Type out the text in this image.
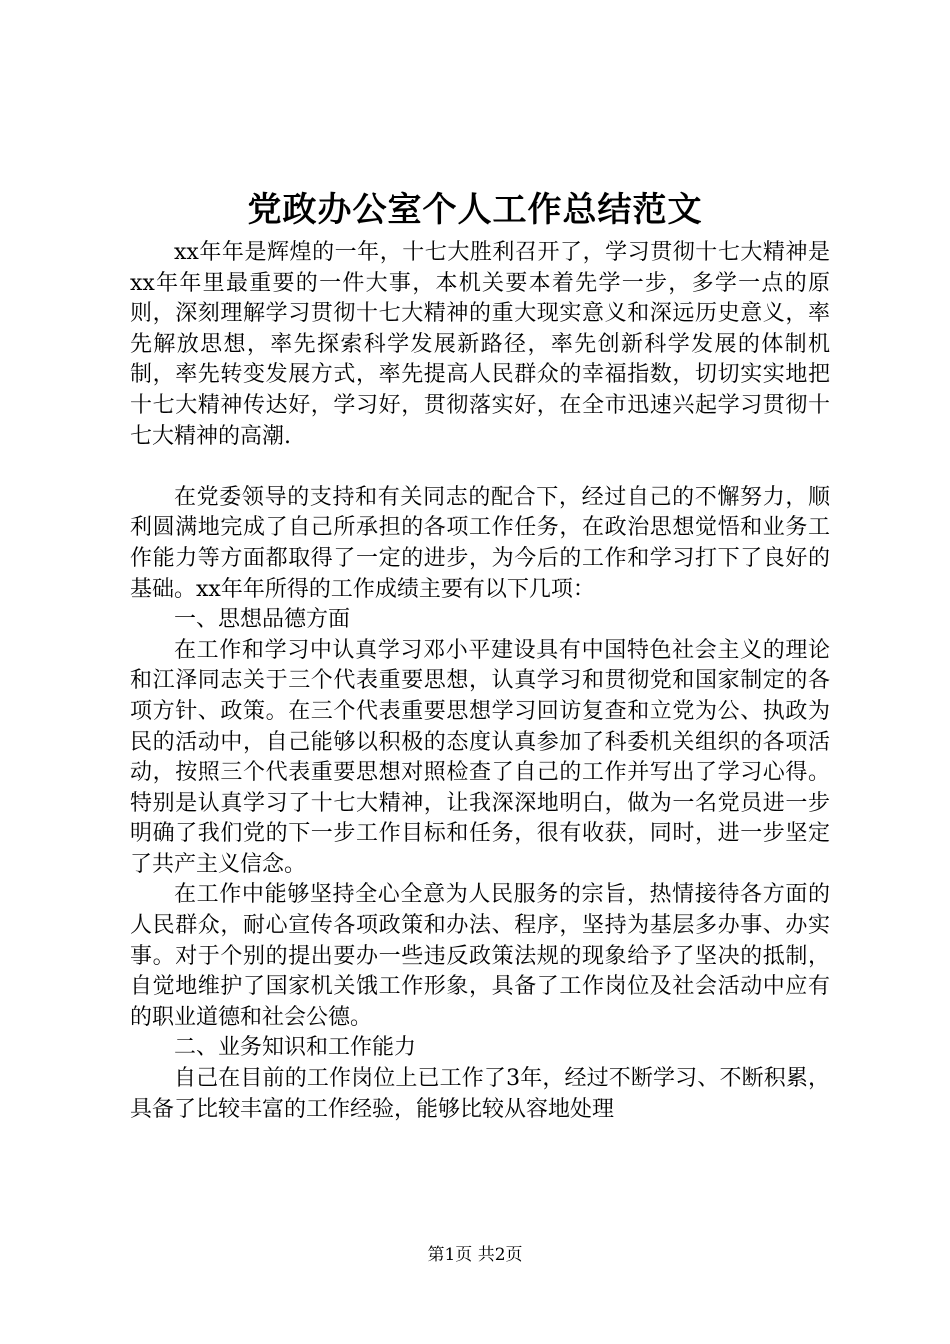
党政办公室个人工作总结范文

xx年年是辉煌的一年，十七大胜利召开了，学习贯彻十七大精神是xx年年里最重要的一件大事，本机关要本着先学一步，多学一点的原则，深刻理解学习贯彻十七大精神的重大现实意义和深远历史意义，率先解放思想，率先探索科学发展新路径，率先创新科学发展的体制机制，率先转变发展方式，率先提高人民群众的幸福指数，切切实实地把十七大精神传达好，学习好，贯彻落实好，在全市迅速兴起学习贯彻十七大精神的高潮.

在党委领导的支持和有关同志的配合下，经过自己的不懈努力，顺利圆满地完成了自己所承担的各项工作任务，在政治思想觉悟和业务工作能力等方面都取得了一定的进步，为今后的工作和学习打下了良好的基础。xx年年所得的工作成绩主要有以下几项：

一、思想品德方面

在工作和学习中认真学习邓小平建设具有中国特色社会主义的理论和江泽同志关于三个代表重要思想，认真学习和贯彻党和国家制定的各项方针、政策。在三个代表重要思想学习回访复查和立党为公、执政为民的活动中，自己能够以积极的态度认真参加了科委机关组织的各项活动，按照三个代表重要思想对照检查了自己的工作并写出了学习心得。特别是认真学习了十七大精神，让我深深地明白，做为一名党员进一步明确了我们党的下一步工作目标和任务，很有收获，同时，进一步坚定了共产主义信念。

在工作中能够坚持全心全意为人民服务的宗旨，热情接待各方面的人民群众，耐心宣传各项政策和办法、程序，坚持为基层多办事、办实事。对于个别的提出要办一些违反政策法规的现象给予了坚决的抵制，自觉地维护了国家机关饿工作形象，具备了工作岗位及社会活动中应有的职业道德和社会公德。

二、业务知识和工作能力

自己在目前的工作岗位上已工作了3年，经过不断学习、不断积累，具备了比较丰富的工作经验，能够比较从容地处理

第1页 共2页
